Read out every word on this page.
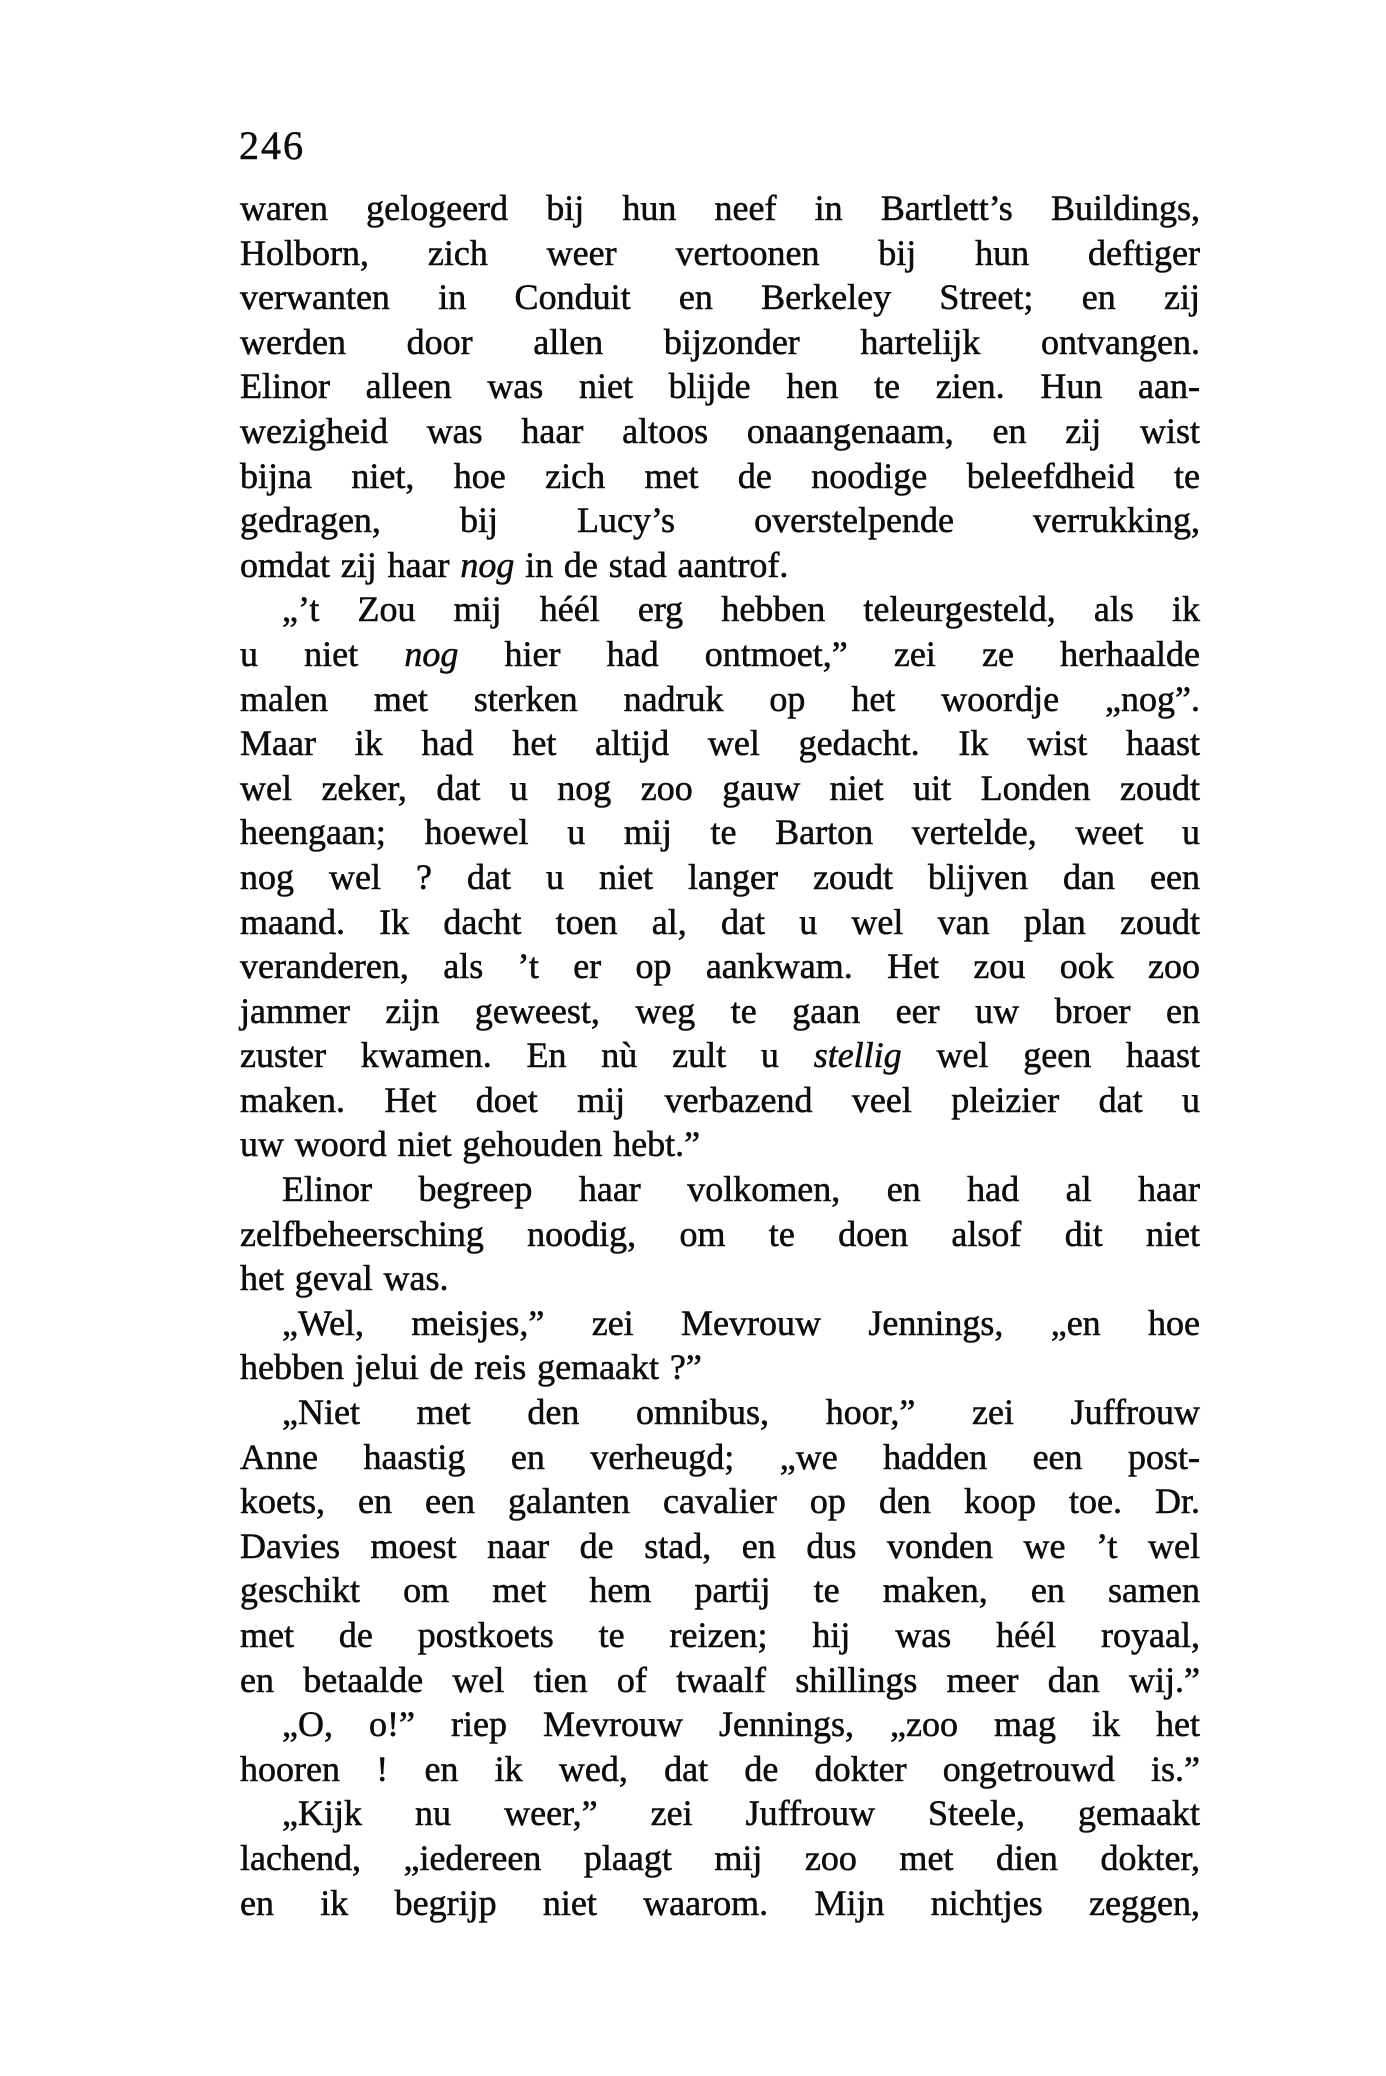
246
waren gelogeerd bij hun neef in Bartlett’s Buildings,
Holborn, zich weer vertoonen bij hun deftiger
verwanten in Conduit en Berkeley Street; en zij
werden door allen bijzonder hartelijk ontvangen.
Elinor alleen was niet blijde hen te zien. Hun aan-
wezigheid was haar altoos onaangenaam, en zij wist
bijna niet, hoe zich met de noodige beleefdheid te
gedragen, bij Lucy’s overstelpende verrukking,
omdat zij haar nog in de stad aantrof.
„’t Zou mij héél erg hebben teleurgesteld, als ik
u niet nog hier had ontmoet,” zei ze herhaalde
malen met sterken nadruk op het woordje „nog”.
Maar ik had het altijd wel gedacht. Ik wist haast
wel zeker, dat u nog zoo gauw niet uit Londen zoudt
heengaan; hoewel u mij te Barton vertelde, weet u
nog wel ? dat u niet langer zoudt blijven dan een
maand. Ik dacht toen al, dat u wel van plan zoudt
veranderen, als ’t er op aankwam. Het zou ook zoo
jammer zijn geweest, weg te gaan eer uw broer en
zuster kwamen. En nù zult u stellig wel geen haast
maken. Het doet mij verbazend veel pleizier dat u
uw woord niet gehouden hebt.”
Elinor begreep haar volkomen, en had al haar
zelfbeheersching noodig, om te doen alsof dit niet
het geval was.
„Wel, meisjes,” zei Mevrouw Jennings, „en hoe
hebben jelui de reis gemaakt ?”
„Niet met den omnibus, hoor,” zei Juffrouw
Anne haastig en verheugd; „we hadden een post-
koets, en een galanten cavalier op den koop toe. Dr.
Davies moest naar de stad, en dus vonden we ’t wel
geschikt om met hem partij te maken, en samen
met de postkoets te reizen; hij was héél royaal,
en betaalde wel tien of twaalf shillings meer dan wij.”
„O, o!” riep Mevrouw Jennings, „zoo mag ik het
hooren ! en ik wed, dat de dokter ongetrouwd is.”
„Kijk nu weer,” zei Juffrouw Steele, gemaakt
lachend, „iedereen plaagt mij zoo met dien dokter,
en ik begrijp niet waarom. Mijn nichtjes zeggen,
